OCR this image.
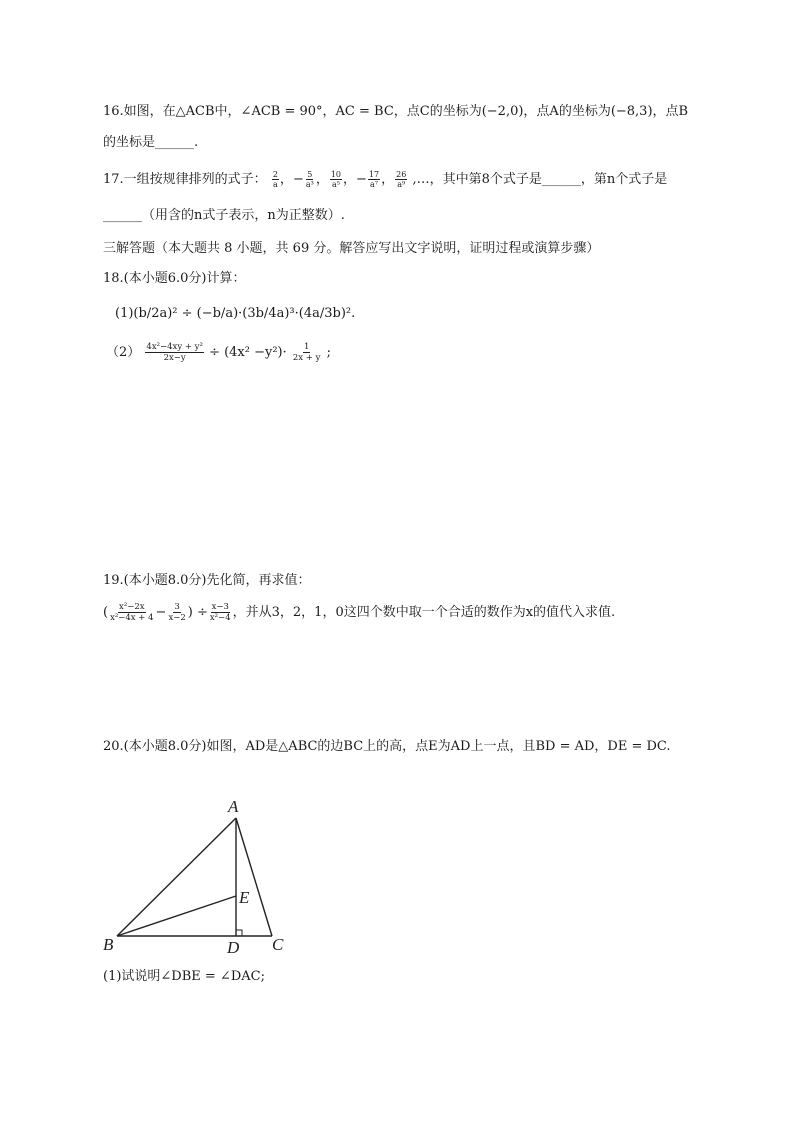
16.如图，在△ACB中，∠ACB = 90°，AC = BC，点C的坐标为(−2,0)，点A的坐标为(−8,3)，点B
的坐标是______.
17.一组按规律排列的式子： $\frac{2}{a}$ ，− $\frac{5}{\text{a³}}$ ， $\frac{10}{\text{a⁵}}$ ，− $\frac{17}{\text{a⁷}}$ ， $\frac{26}{\text{a⁹}}$ ,…，其中第8个式子是______，第n个式子是
______（用含的n式子表示，n为正整数）.
三解答题（本大题共 8 小题，共 69 分。解答应写出文字说明，证明过程或演算步骤）
18.(本小题6.0分)计算：
(1)(b/2a)² ÷ (−b/a)·(3b/4a)³·(4a/3b)².
$(2) \frac{\text{4x²−4xy + y²}}{2x-y} \div (4x^2 -y^2)\cdot \frac{1}{2x + y}$ ;
19.(本小题8.0分)先化简，再求值：
( $\frac{\text{x²−2x}}{\text{x²−4x + 4}} - \frac{3}{x-2}$ ) ÷ $\frac{x-3}{\text{x²−4}}$ ，并从3，2，1，0这四个数中取一个合适的数作为x的值代入求值.
20.(本小题8.0分)如图，AD是△ABC的边BC上的高，点E为AD上一点，且BD = AD，DE = DC.
A
B	C
D
E
(1)试说明∠DBE = ∠DAC;
